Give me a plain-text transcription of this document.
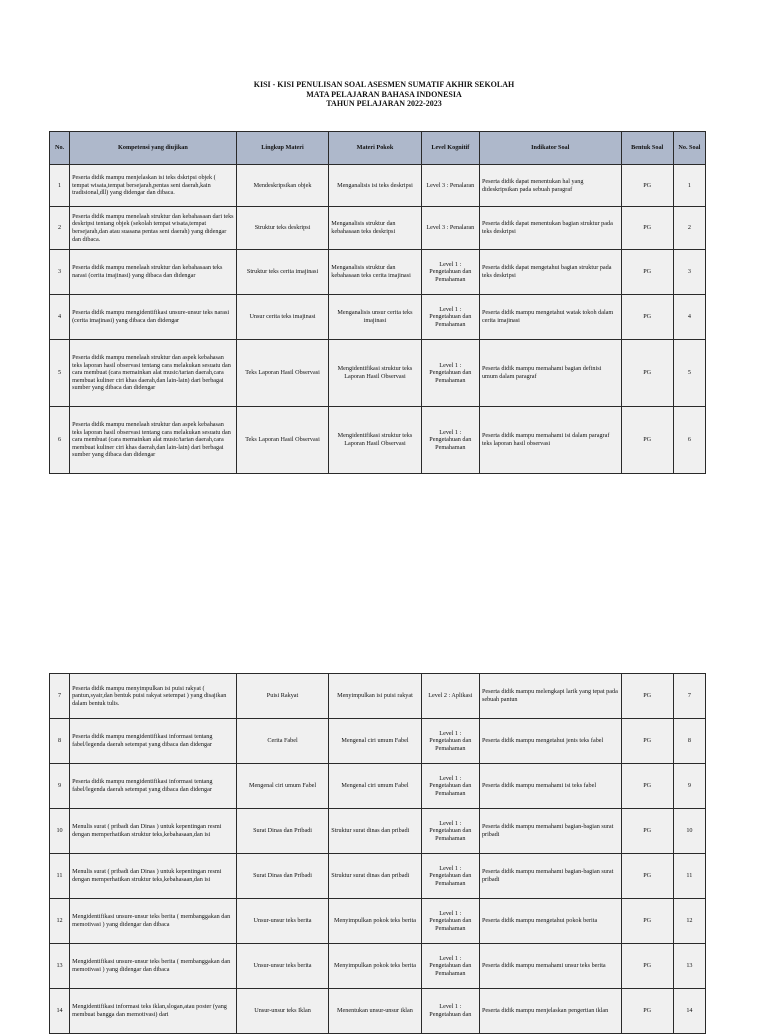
KISI - KISI PENULISAN SOAL ASESMEN SUMATIF AKHIR SEKOLAH
MATA PELAJARAN BAHASA INDONESIA
TAHUN PELAJARAN 2022-2023
No.	Kompetensi yang diujikan	Lingkup Materi	Materi Pokok	Level Kognitif	Indikator Soal	Bentuk Soal	No. Soal
1	Peserta didik mampu menjelaskan isi teks dskripsi objek ( tempat wisata,tempat bersejarah,pentas seni daerah,kain tradisional,dll) yang didengar dan dibaca.	Mendeskripsikan objek	Menganalisis isi teks deskripsi	Level 3 : Penalaran	Peserta didik dapat menentukan hal yang dideskripsikan pada sebuah paragraf	PG	1
2	Peserta didik mampu menelaah struktur dan kebahasaan dari teks deskripsi tentang objek (sekolah tempat wisata,tempat bersejarah,dan atau suasana pentas seni daerah) yang didengar dan dibaca.	Struktur teks deskripsi	Menganalisis struktur dan kebahasaan teks deskripsi	Level 3 : Penalaran	Peserta didik dapat menentukan bagian struktur pada teks deskripsi	PG	2
3	Peserta didik mampu menelaah struktur dan kebahasaan teks narasi (cerita imajinasi) yang dibaca dan didengar	Struktur teks cerita imajinasi	Menganalisis struktur dan kebahasaan teks cerita imajinasi	Level 1 : Pengetahuan dan Pemahaman	Peserta didik dapat mengetahui bagian struktur pada teks deskripsi	PG	3
4	Peserta didik mampu mengidentifikasi unsure-unsur teks narasi (cerita imajinasi) yang dibaca dan didengar	Unsur cerita teks imajinasi	Menganalisis unsur cerita teks imajinasi	Level 1 : Pengetahuan dan Pemahaman	Peserta didik mampu mengetahui watak tokoh dalam cerita imajinasi	PG	4
5	Peserta didik mampu menelaah struktur dan aspek kebahasan teks laporan hasil observasi tentang cara melakukan sesuatu dan cara membuat (cara memainkan alat music/tarian daerah,cara membuat kuliner ciri khas daerah,dan lain-lain) dari berbagai sumber yang dibaca dan didengar	Teks Laporan Hasil Observasi	Mengidentifikasi struktur teks Laporan Hasil Observasi	Level 1 : Pengetahuan dan Pemahaman	Peserta didik mampu memahami bagian definisi umum dalam paragraf	PG	5
6	Peserta didik mampu menelaah struktur dan aspek kebahasan teks laporan hasil observasi tentang cara melakukan sesuatu dan cara membuat (cara memainkan alat music/tarian daerah,cara membuat kuliner ciri khas daerah,dan lain-lain) dari berbagai sumber yang dibaca dan didengar	Teks Laporan Hasil Observasi	Mengidentifikasi struktur teks Laporan Hasil Observasi	Level 1 : Pengetahuan dan Pemahaman	Peserta didik mampu memahami isi dalam paragraf teks laporan hasil observasi	PG	6
7	Peserta didik mampu menyimpulkan isi puisi rakyat ( pantun,syair,dan bentuk puisi rakyat setempat ) yang disajikan dalam bentuk tulis.	Puisi Rakyat	Menyimpulkan isi puisi rakyat	Level 2 : Aplikasi	Peserta didik mampu melengkapi larik yang tepat pada sebuah pantun	PG	7
8	Peserta didik mampu mengidentifikasi informasi tentang fabel/legenda daerah setempat yang dibaca dan didengar	Cerita Fabel	Mengenal ciri umum Fabel	Level 1 : Pengetahuan dan Pemahaman	Peserta didik mampu mengetahui jenis teks fabel	PG	8
9	Peserta didik mampu mengidentifikasi informasi tentang fabel/legenda daerah setempat yang dibaca dan didengar	Mengenal ciri umum Fabel	Mengenal ciri umum Fabel	Level 1 : Pengetahuan dan Pemahaman	Peserta didik mampu memahami isi teks fabel	PG	9
10	Menulis surat ( pribadi dan Dinas ) untuk kepentingan resmi dengan memperhatikan struktur teks,kebahasaan,dan isi	Surat Dinas dan Pribadi	Struktur surat dinas dan pribadi	Level 1 : Pengetahuan dan Pemahaman	Peserta didik mampu memahami bagian-bagian surat pribadi	PG	10
11	Menulis surat ( pribadi dan Dinas ) untuk kepentingan resmi dengan memperhatikan struktur teks,kebahasaan,dan isi	Surat Dinas dan Pribadi	Struktur surat dinas dan pribadi	Level 1 : Pengetahuan dan Pemahaman	Peserta didik mampu memahami bagian-bagian surat pribadi	PG	11
12	Mengidentifikasi unsure-unsur teks berita ( membanggakan dan memotivasi ) yang didengar dan dibaca	Unsur-unsur teks berita	Menyimpulkan pokok teks berita	Level 1 : Pengetahuan dan Pemahaman	Peserta didik mampu mengetahui pokok berita	PG	12
13	Mengidentifikasi unsure-unsur teks berita ( membanggakan dan memotivasi ) yang didengar dan dibaca	Unsur-unsur teks berita	Menyimpulkan pokok teks berita	Level 1 : Pengetahuan dan Pemahaman	Peserta didik mampu memahami unsur teks berita	PG	13
14	Mengidentifikasi informasi teks iklan,slogan,atau poster (yang membuat bangga dan memotivasi) dari	Unsur-unsur teks Iklan	Menentukan unsur-unsur iklan	Level 1 : Pengetahuan dan	Peserta didik mampu menjelaskan pengertian iklan	PG	14
